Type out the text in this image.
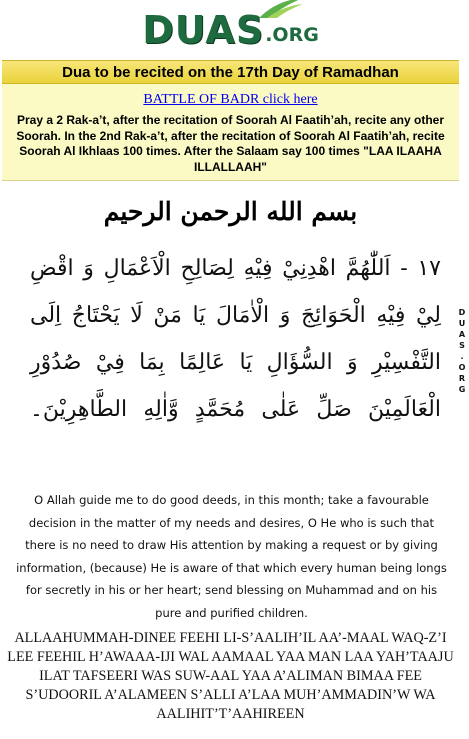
DUAS .ORG
Dua to be recited on the 17th Day of Ramadhan
BATTLE OF BADR click here
Pray a 2 Rak-a’t, after the recitation of Soorah Al Faatih’ah, recite any other Soorah. In the 2nd Rak-a’t, after the recitation of Soorah Al Faatih’ah, recite Soorah Al Ikhlaas 100 times. After the Salaam say 100 times "LAA ILAAHA ILLALLAAH"
بسم الله الرحمن الرحيم
١٧ - اَللّٰهُمَّ اهْدِنِيْ فِيْهِ لِصَالِحِ الْاَعْمَالِ وَ اقْضِ لِيْ فِيْهِ الْحَوَائِجَ وَ الْاٰمَالَ يَا مَنْ لَا يَحْتَاجُ اِلَى التَّفْسِيْرِ وَ السُّؤَالِ يَا عَالِمًا بِمَا فِيْ صُدُوْرِ الْعَالَمِيْنَ صَلِّ عَلٰى مُحَمَّدٍ وَّاٰلِهِ الطَّاهِرِيْنَ۔
D
U
A
S
.
O
R
G
O Allah guide me to do good deeds, in this month; take a favourable decision in the matter of my needs and desires, O He who is such that there is no need to draw His attention by making a request or by giving information, (because) He is aware of that which every human being longs for secretly in his or her heart; send blessing on Muhammad and on his pure and purified children.
ALLAAHUMMAH-DINEE FEEHI LI-S’AALIH’IL AA’-MAAL WAQ-Z’I LEE FEEHIL H’AWAAA-IJI WAL AAMAAL YAA MAN LAA YAH’TAAJU ILAT TAFSEERI WAS SUW-AAL YAA A’ALIMAN BIMAA FEE S’UDOORIL A’ALAMEEN S’ALLI A’LAA MUH’AMMADIN’W WA AALIHIT’T’AAHIREEN
